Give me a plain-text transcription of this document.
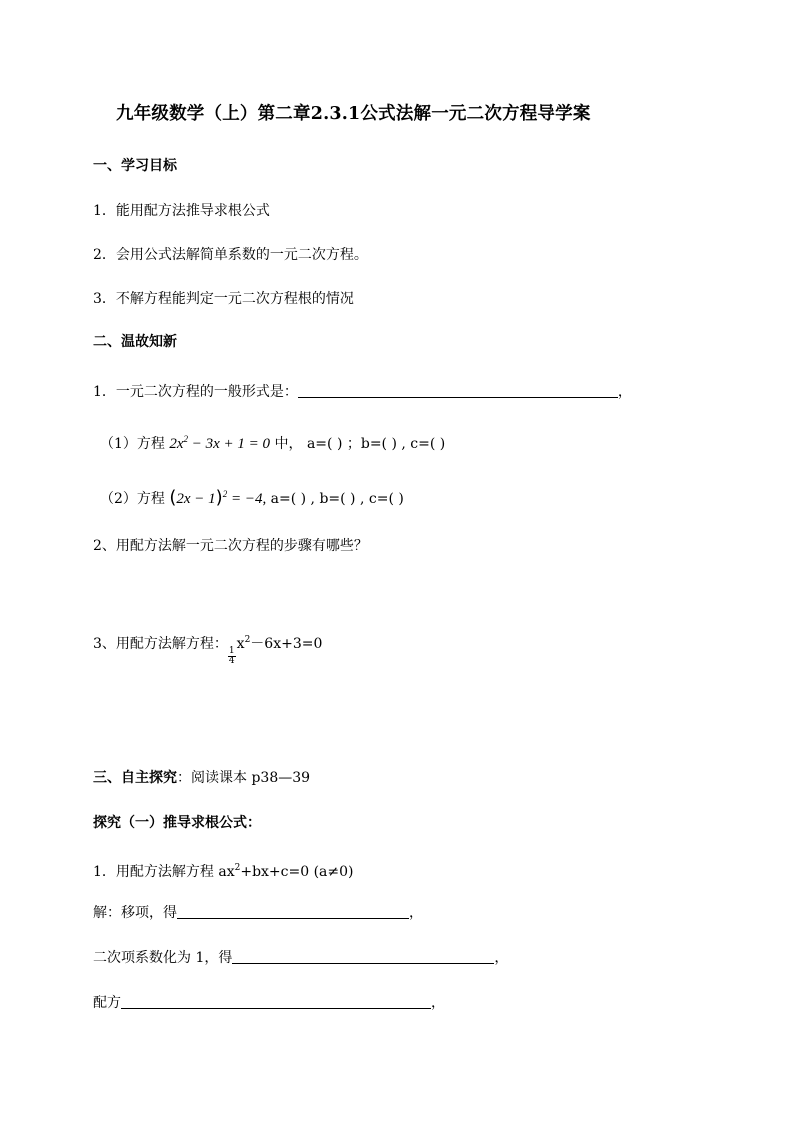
九年级数学（上）第二章2.3.1公式法解一元二次方程导学案
一、学习目标
1．能用配方法推导求根公式
2．会用公式法解简单系数的一元二次方程。
3．不解方程能判定一元二次方程根的情况
二、温故知新
1．一元二次方程的一般形式是：	，
（1）方程 $2x^2 - 3x + 1 = 0$ 中， a=( ) ；b=( ) , c=( )
（2）方程 $(2x - 1)^2 = -4$, a=( ) , b=( ) , c=( )
2、用配方法解一元二次方程的步骤有哪些？
3、用配方法解方程：
$\frac{1}{4}$
$x^2-6x+3=0$
三、自主探究：阅读课本 p38—39
探究（一）推导求根公式：
1．用配方法解方程 $ax^2+bx+c=0$ (a≠0)
解：移项，得	，
二次项系数化为 1，得	，
配方	，
